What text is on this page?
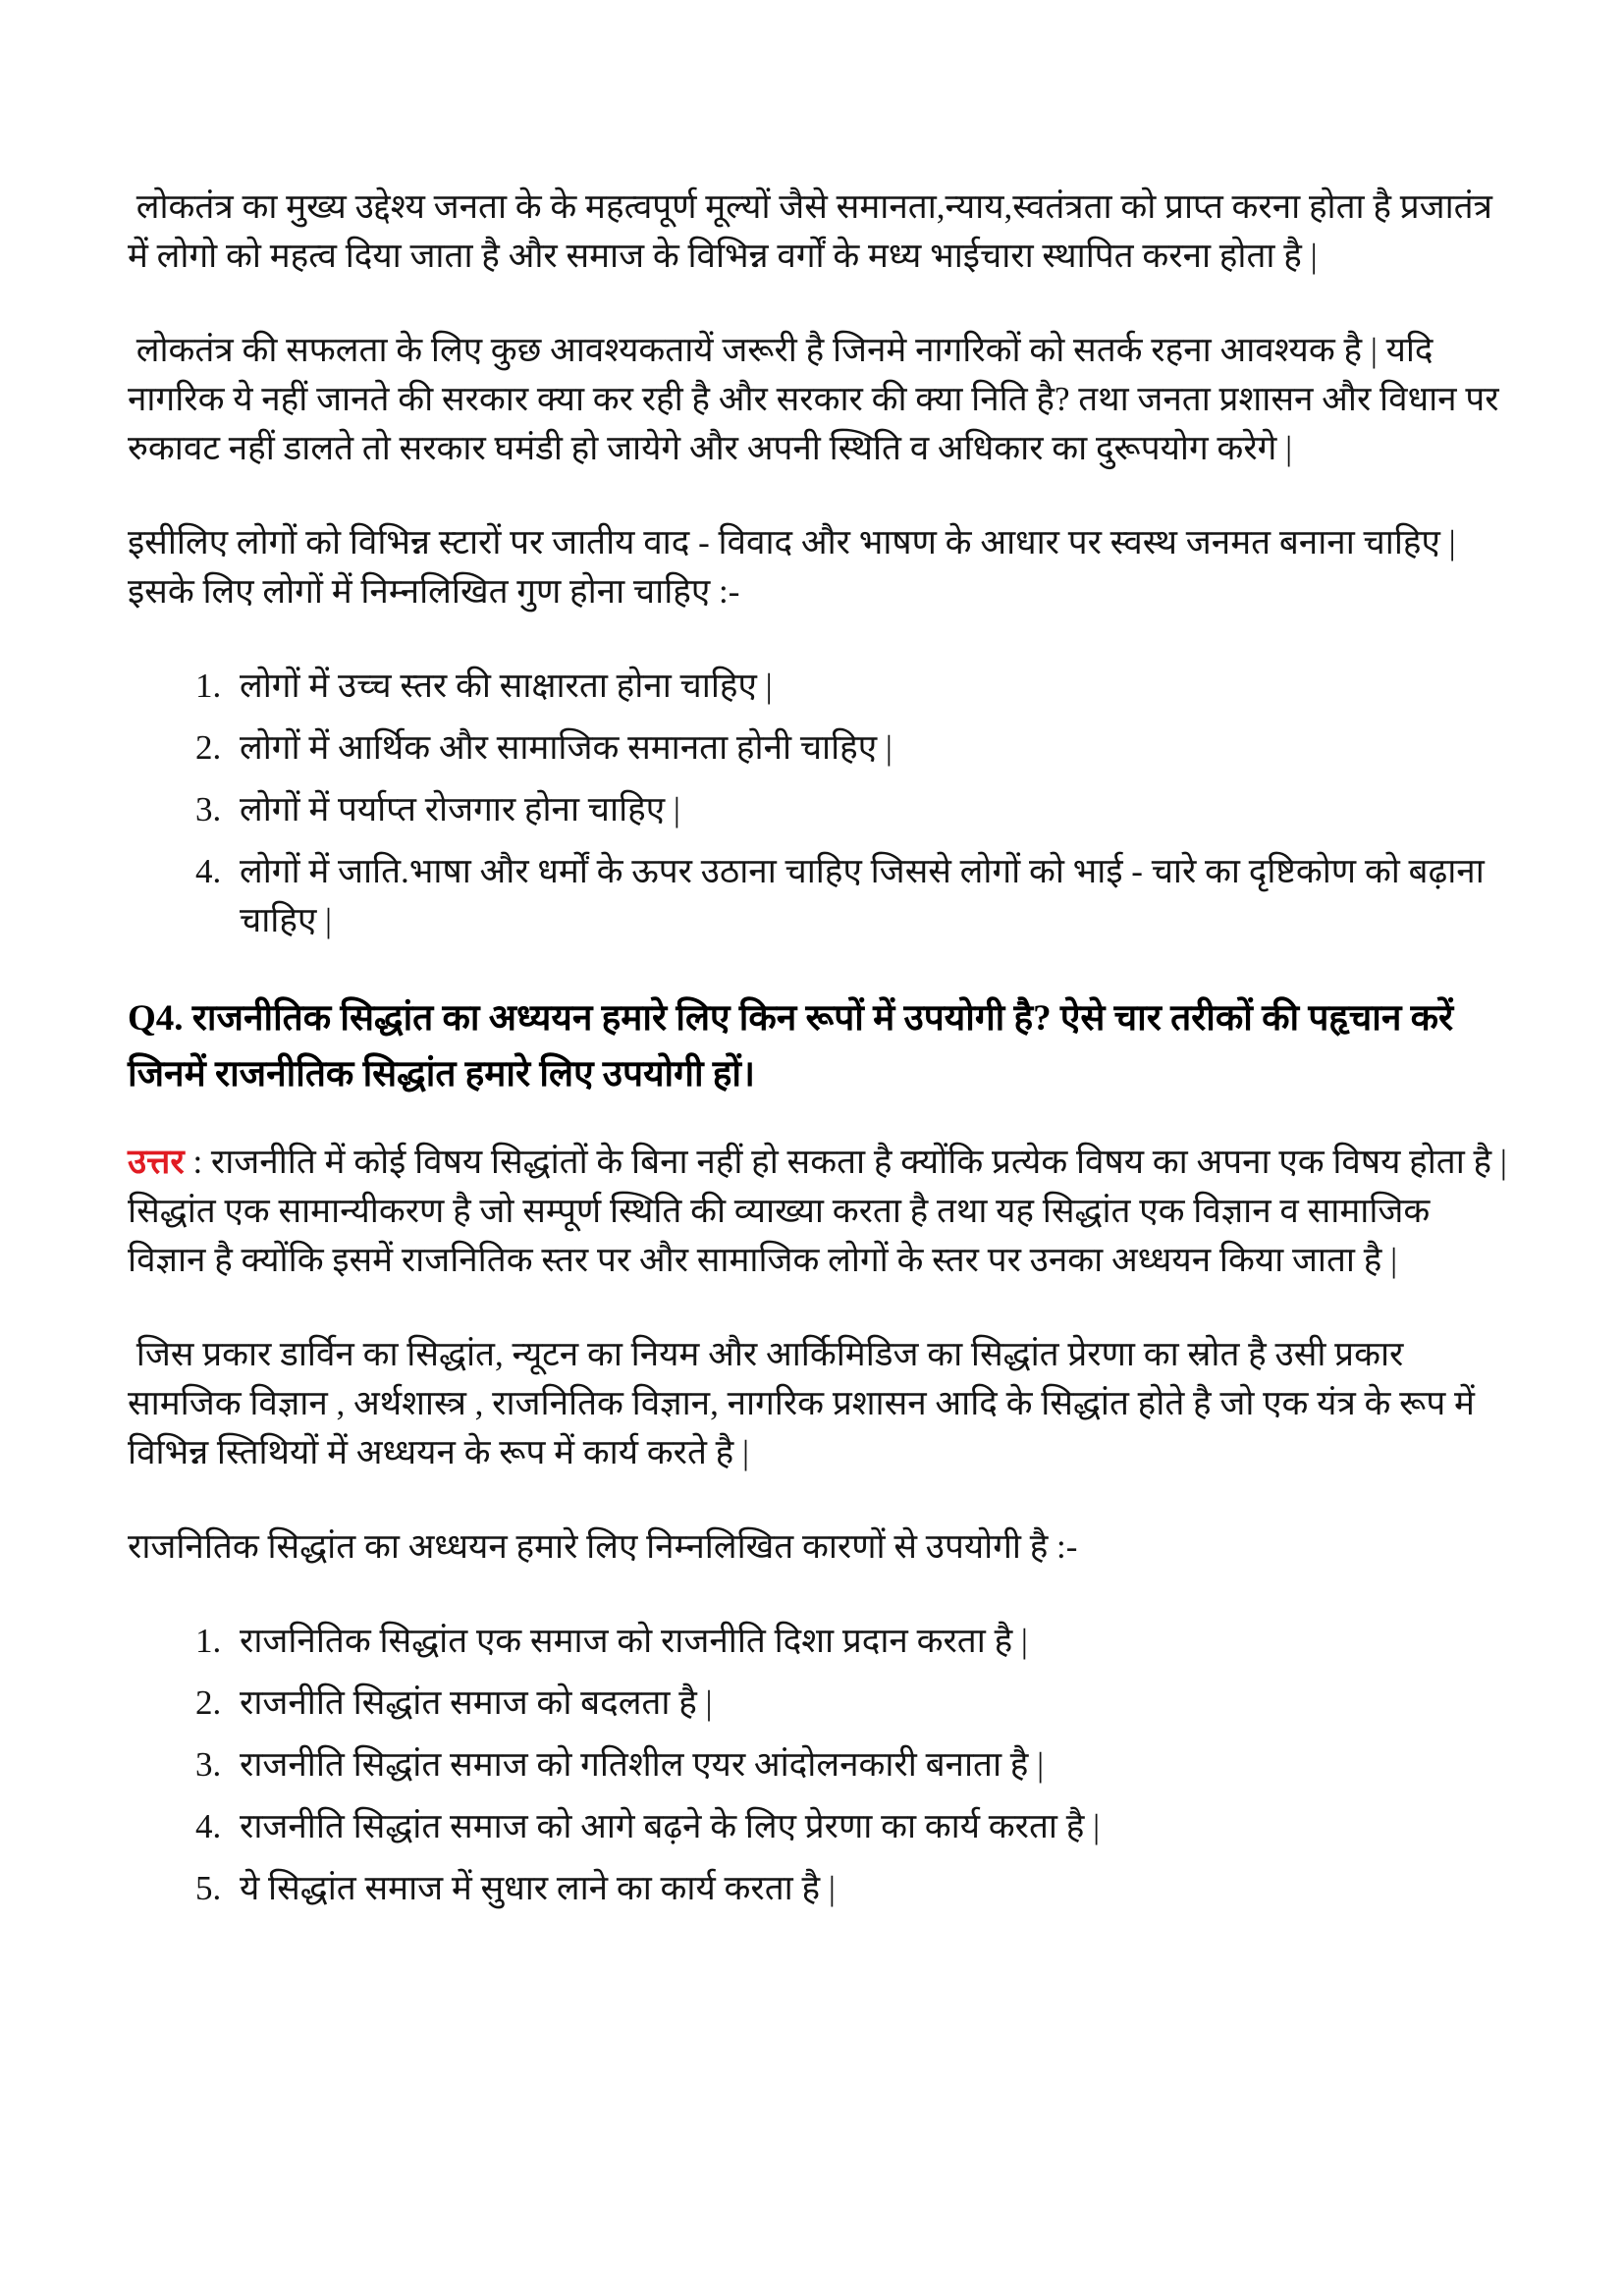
लोकतंत्र का मुख्य उद्देश्य जनता के के महत्वपूर्ण मूल्यों जैसे समानता,न्याय,स्वतंत्रता को प्राप्त करना होता है प्रजातंत्र में लोगो को महत्व दिया जाता है और समाज के विभिन्न वर्गों के मध्य भाईचारा स्थापित करना होता है |

लोकतंत्र की सफलता के लिए कुछ आवश्यकतायें जरूरी है जिनमे नागरिकों को सतर्क रहना आवश्यक है | यदि नागरिक ये नहीं जानते की सरकार क्या कर रही है और सरकार की क्या निति है? तथा जनता प्रशासन और विधान पर रुकावट नहीं डालते तो सरकार घमंडी हो जायेगे और अपनी स्थिति व अधिकार का दुरूपयोग करेगे |

इसीलिए लोगों को विभिन्न स्टारों पर जातीय वाद - विवाद और भाषण के आधार पर स्वस्थ जनमत बनाना चाहिए | इसके लिए लोगों में निम्नलिखित गुण होना चाहिए :-

1. लोगों में उच्च स्तर की साक्षारता होना चाहिए |
2. लोगों में आर्थिक और सामाजिक समानता होनी चाहिए |
3. लोगों में पर्याप्त रोजगार होना चाहिए |
4. लोगों में जाति.भाषा और धर्मों के ऊपर उठाना चाहिए जिससे लोगों को भाई - चारे का दृष्टिकोण को बढ़ाना चाहिए |
Q4. राजनीतिक सिद्धांत का अध्ययन हमारे लिए किन रूपों में उपयोगी है? ऐसे चार तरीकों की पहृचान करें जिनमें राजनीतिक सिद्धांत हमारे लिए उपयोगी हों।

उत्तर : राजनीति में कोई विषय सिद्धांतों के बिना नहीं हो सकता है क्योंकि प्रत्येक विषय का अपना एक विषय होता है | सिद्धांत एक सामान्यीकरण है जो सम्पूर्ण स्थिति की व्याख्या करता है तथा यह सिद्धांत एक विज्ञान व सामाजिक विज्ञान है क्योंकि इसमें राजनितिक स्तर पर और सामाजिक लोगों के स्तर पर उनका अध्धयन किया जाता है |

जिस प्रकार डार्विन का सिद्धांत, न्यूटन का नियम और आर्किमिडिज का सिद्धांत प्रेरणा का स्रोत है उसी प्रकार सामजिक विज्ञान , अर्थशास्त्र , राजनितिक विज्ञान, नागरिक प्रशासन आदि के सिद्धांत होते है जो एक यंत्र के रूप में विभिन्न स्तिथियों में अध्धयन के रूप में कार्य करते है |

राजनितिक सिद्धांत का अध्धयन हमारे लिए निम्नलिखित कारणों से उपयोगी है :-

1. राजनितिक सिद्धांत एक समाज को राजनीति दिशा प्रदान करता है |
2. राजनीति सिद्धांत समाज को बदलता है |
3. राजनीति सिद्धांत समाज को गतिशील एयर आंदोलनकारी बनाता है |
4. राजनीति सिद्धांत समाज को आगे बढ़ने के लिए प्रेरणा का कार्य करता है |
5. ये सिद्धांत समाज में सुधार लाने का कार्य करता है |
